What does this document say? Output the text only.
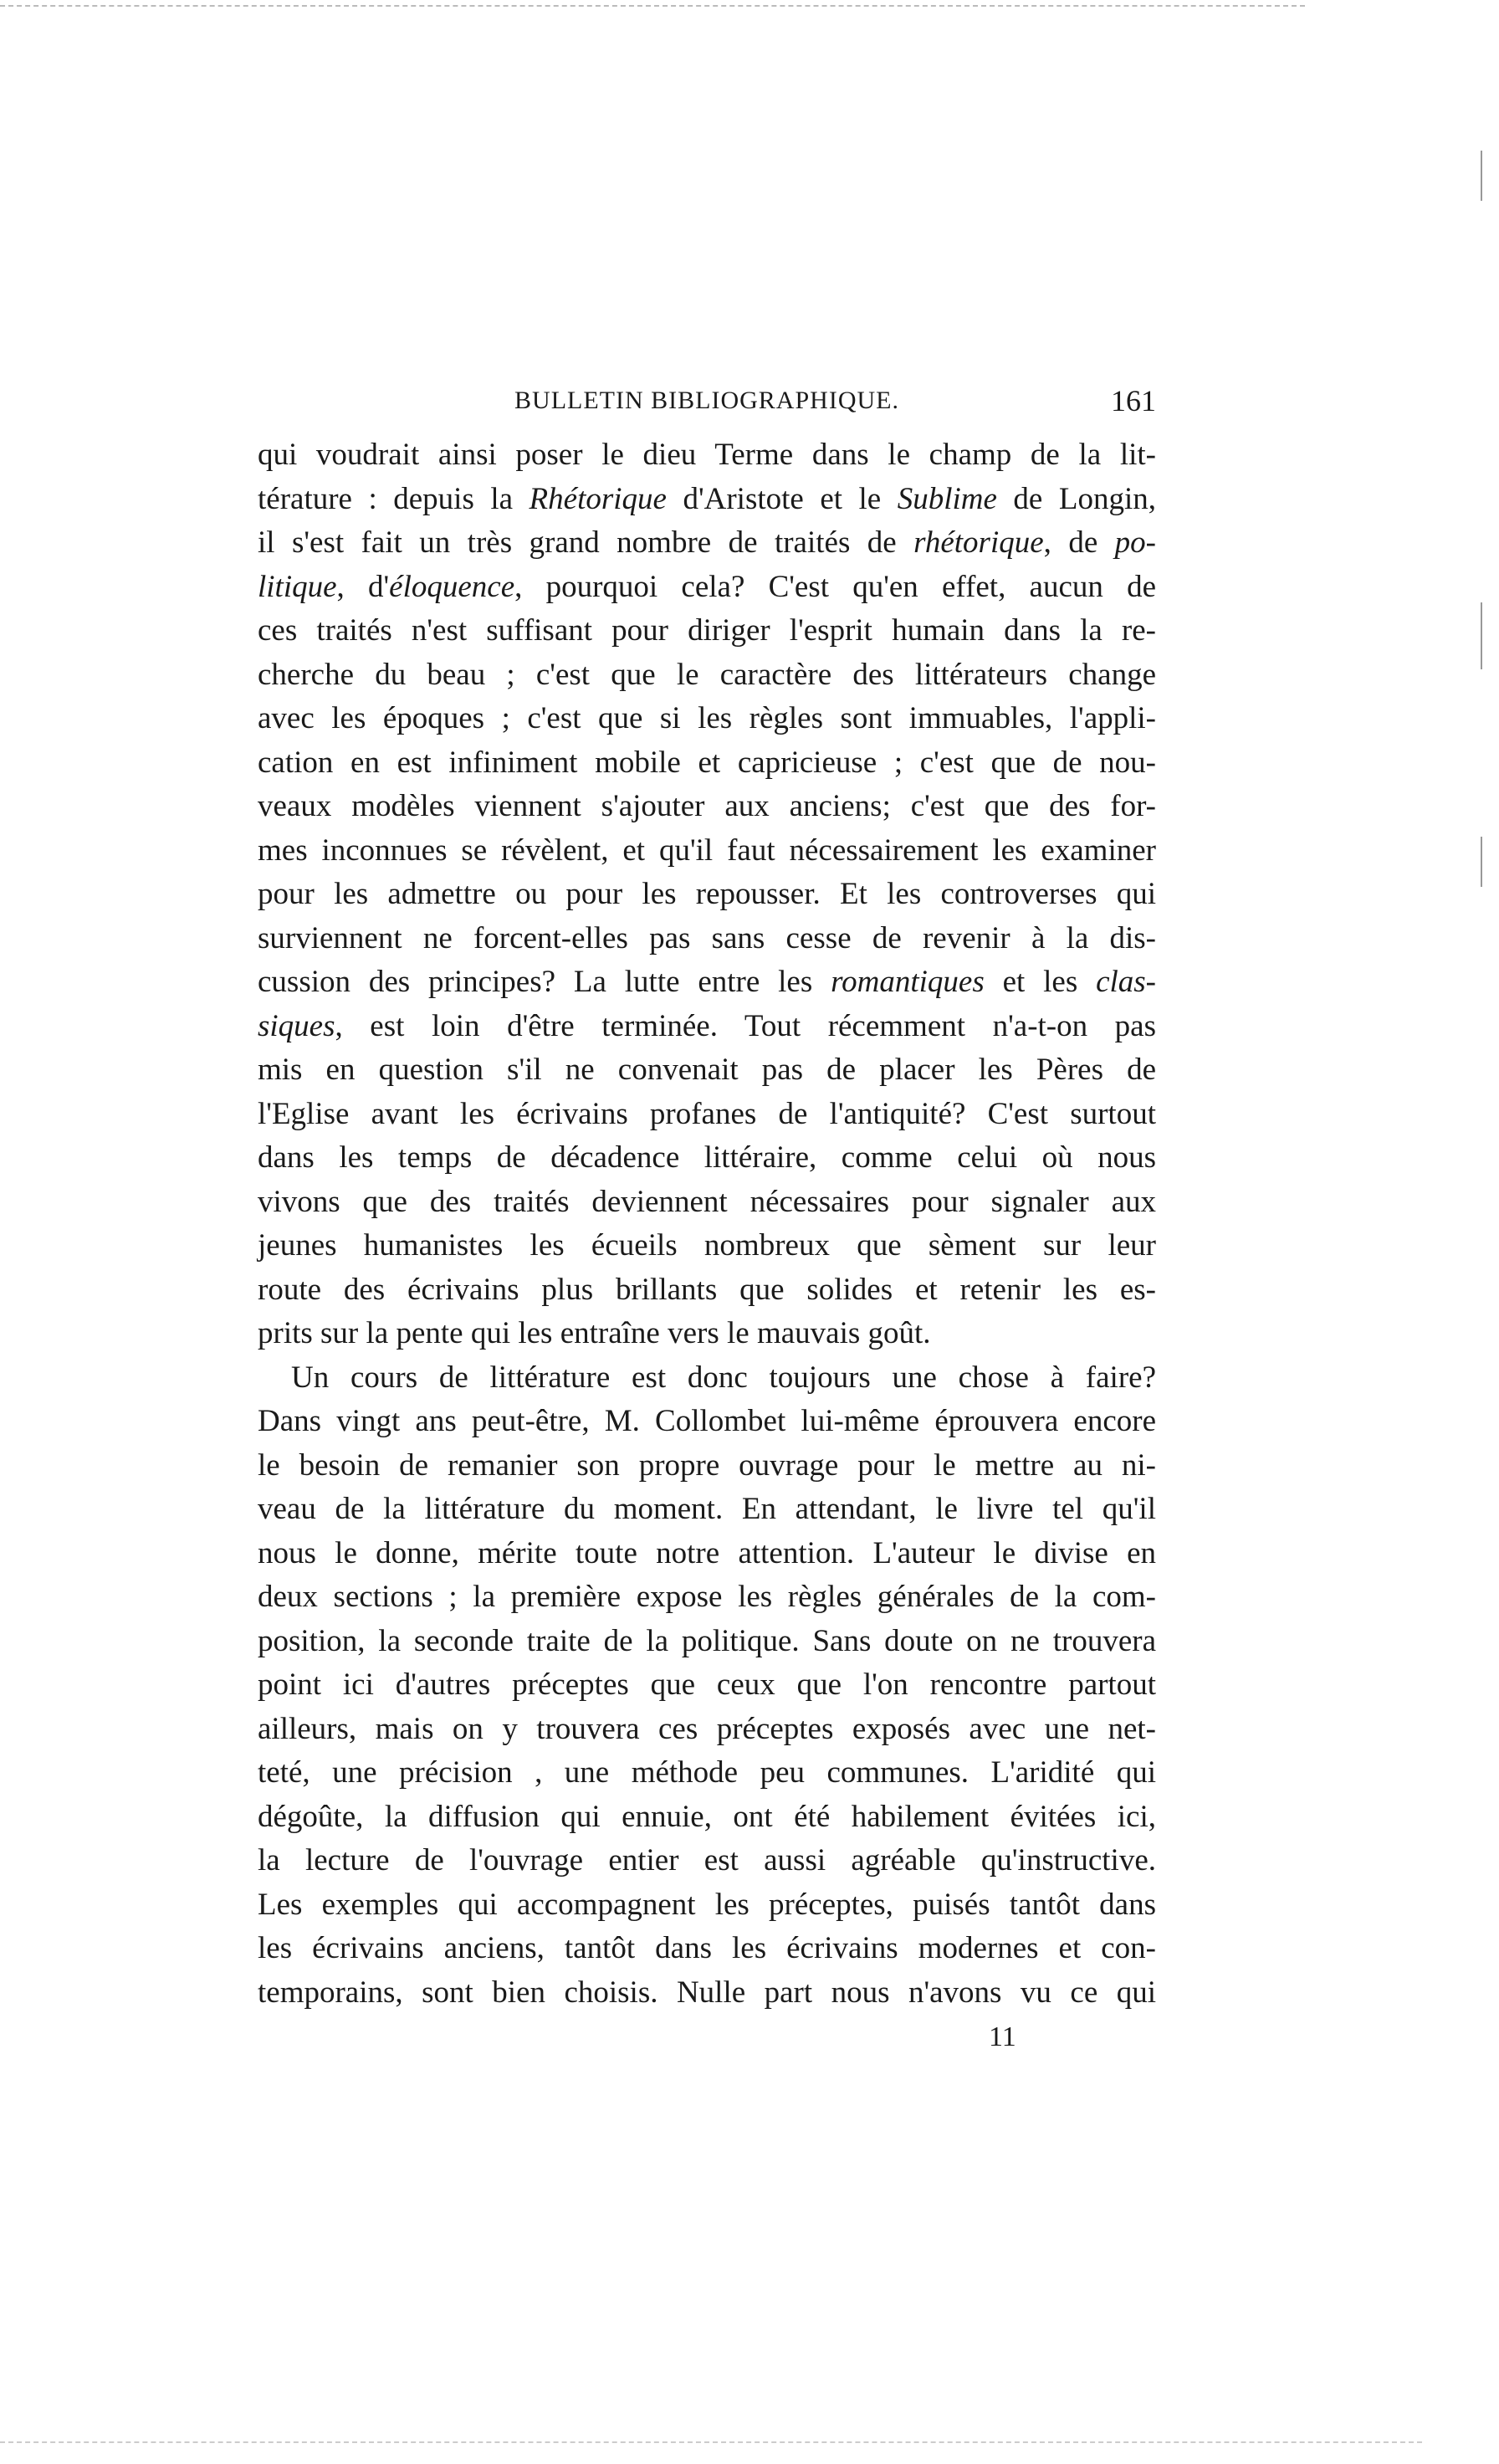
BULLETIN BIBLIOGRAPHIQUE.	161
qui voudrait ainsi poser le dieu Terme dans le champ de la lit-
térature : depuis la Rhétorique d'Aristote et le Sublime de Longin,
il s'est fait un très grand nombre de traités de rhétorique, de po-
litique, d'éloquence, pourquoi cela? C'est qu'en effet, aucun de
ces traités n'est suffisant pour diriger l'esprit humain dans la re-
cherche du beau ; c'est que le caractère des littérateurs change
avec les époques ; c'est que si les règles sont immuables, l'appli-
cation en est infiniment mobile et capricieuse ; c'est que de nou-
veaux modèles viennent s'ajouter aux anciens; c'est que des for-
mes inconnues se révèlent, et qu'il faut nécessairement les examiner
pour les admettre ou pour les repousser. Et les controverses qui
surviennent ne forcent-elles pas sans cesse de revenir à la dis-
cussion des principes? La lutte entre les romantiques et les clas-
siques, est loin d'être terminée. Tout récemment n'a-t-on pas
mis en question s'il ne convenait pas de placer les Pères de
l'Eglise avant les écrivains profanes de l'antiquité? C'est surtout
dans les temps de décadence littéraire, comme celui où nous
vivons que des traités deviennent nécessaires pour signaler aux
jeunes humanistes les écueils nombreux que sèment sur leur
route des écrivains plus brillants que solides et retenir les es-
prits sur la pente qui les entraîne vers le mauvais goût.
Un cours de littérature est donc toujours une chose à faire?
Dans vingt ans peut-être, M. Collombet lui-même éprouvera encore
le besoin de remanier son propre ouvrage pour le mettre au ni-
veau de la littérature du moment. En attendant, le livre tel qu'il
nous le donne, mérite toute notre attention. L'auteur le divise en
deux sections ; la première expose les règles générales de la com-
position, la seconde traite de la politique. Sans doute on ne trouvera
point ici d'autres préceptes que ceux que l'on rencontre partout
ailleurs, mais on y trouvera ces préceptes exposés avec une net-
teté, une précision , une méthode peu communes. L'aridité qui
dégoûte, la diffusion qui ennuie, ont été habilement évitées ici,
la lecture de l'ouvrage entier est aussi agréable qu'instructive.
Les exemples qui accompagnent les préceptes, puisés tantôt dans
les écrivains anciens, tantôt dans les écrivains modernes et con-
temporains, sont bien choisis. Nulle part nous n'avons vu ce qui
11
